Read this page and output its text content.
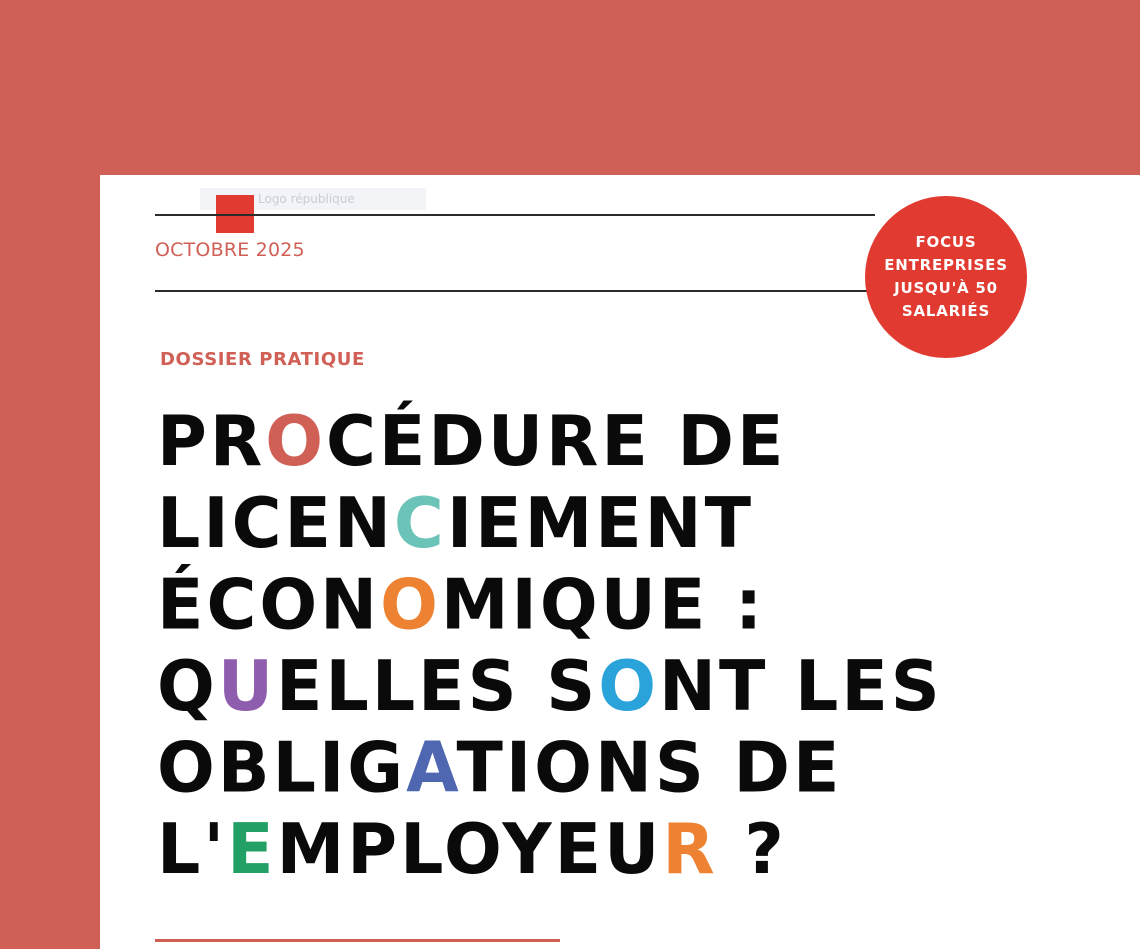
Logo république
OCTOBRE 2025	FOCUS
ENTREPRISES
JUSQU'À 50
SALARIÉS
DOSSIER PRATIQUE
PROCÉDURE DE
LICENCIEMENT
ÉCONOMIQUE :
QUELLES SONT LES
OBLIGATIONS DE
L'EMPLOYEUR ?
